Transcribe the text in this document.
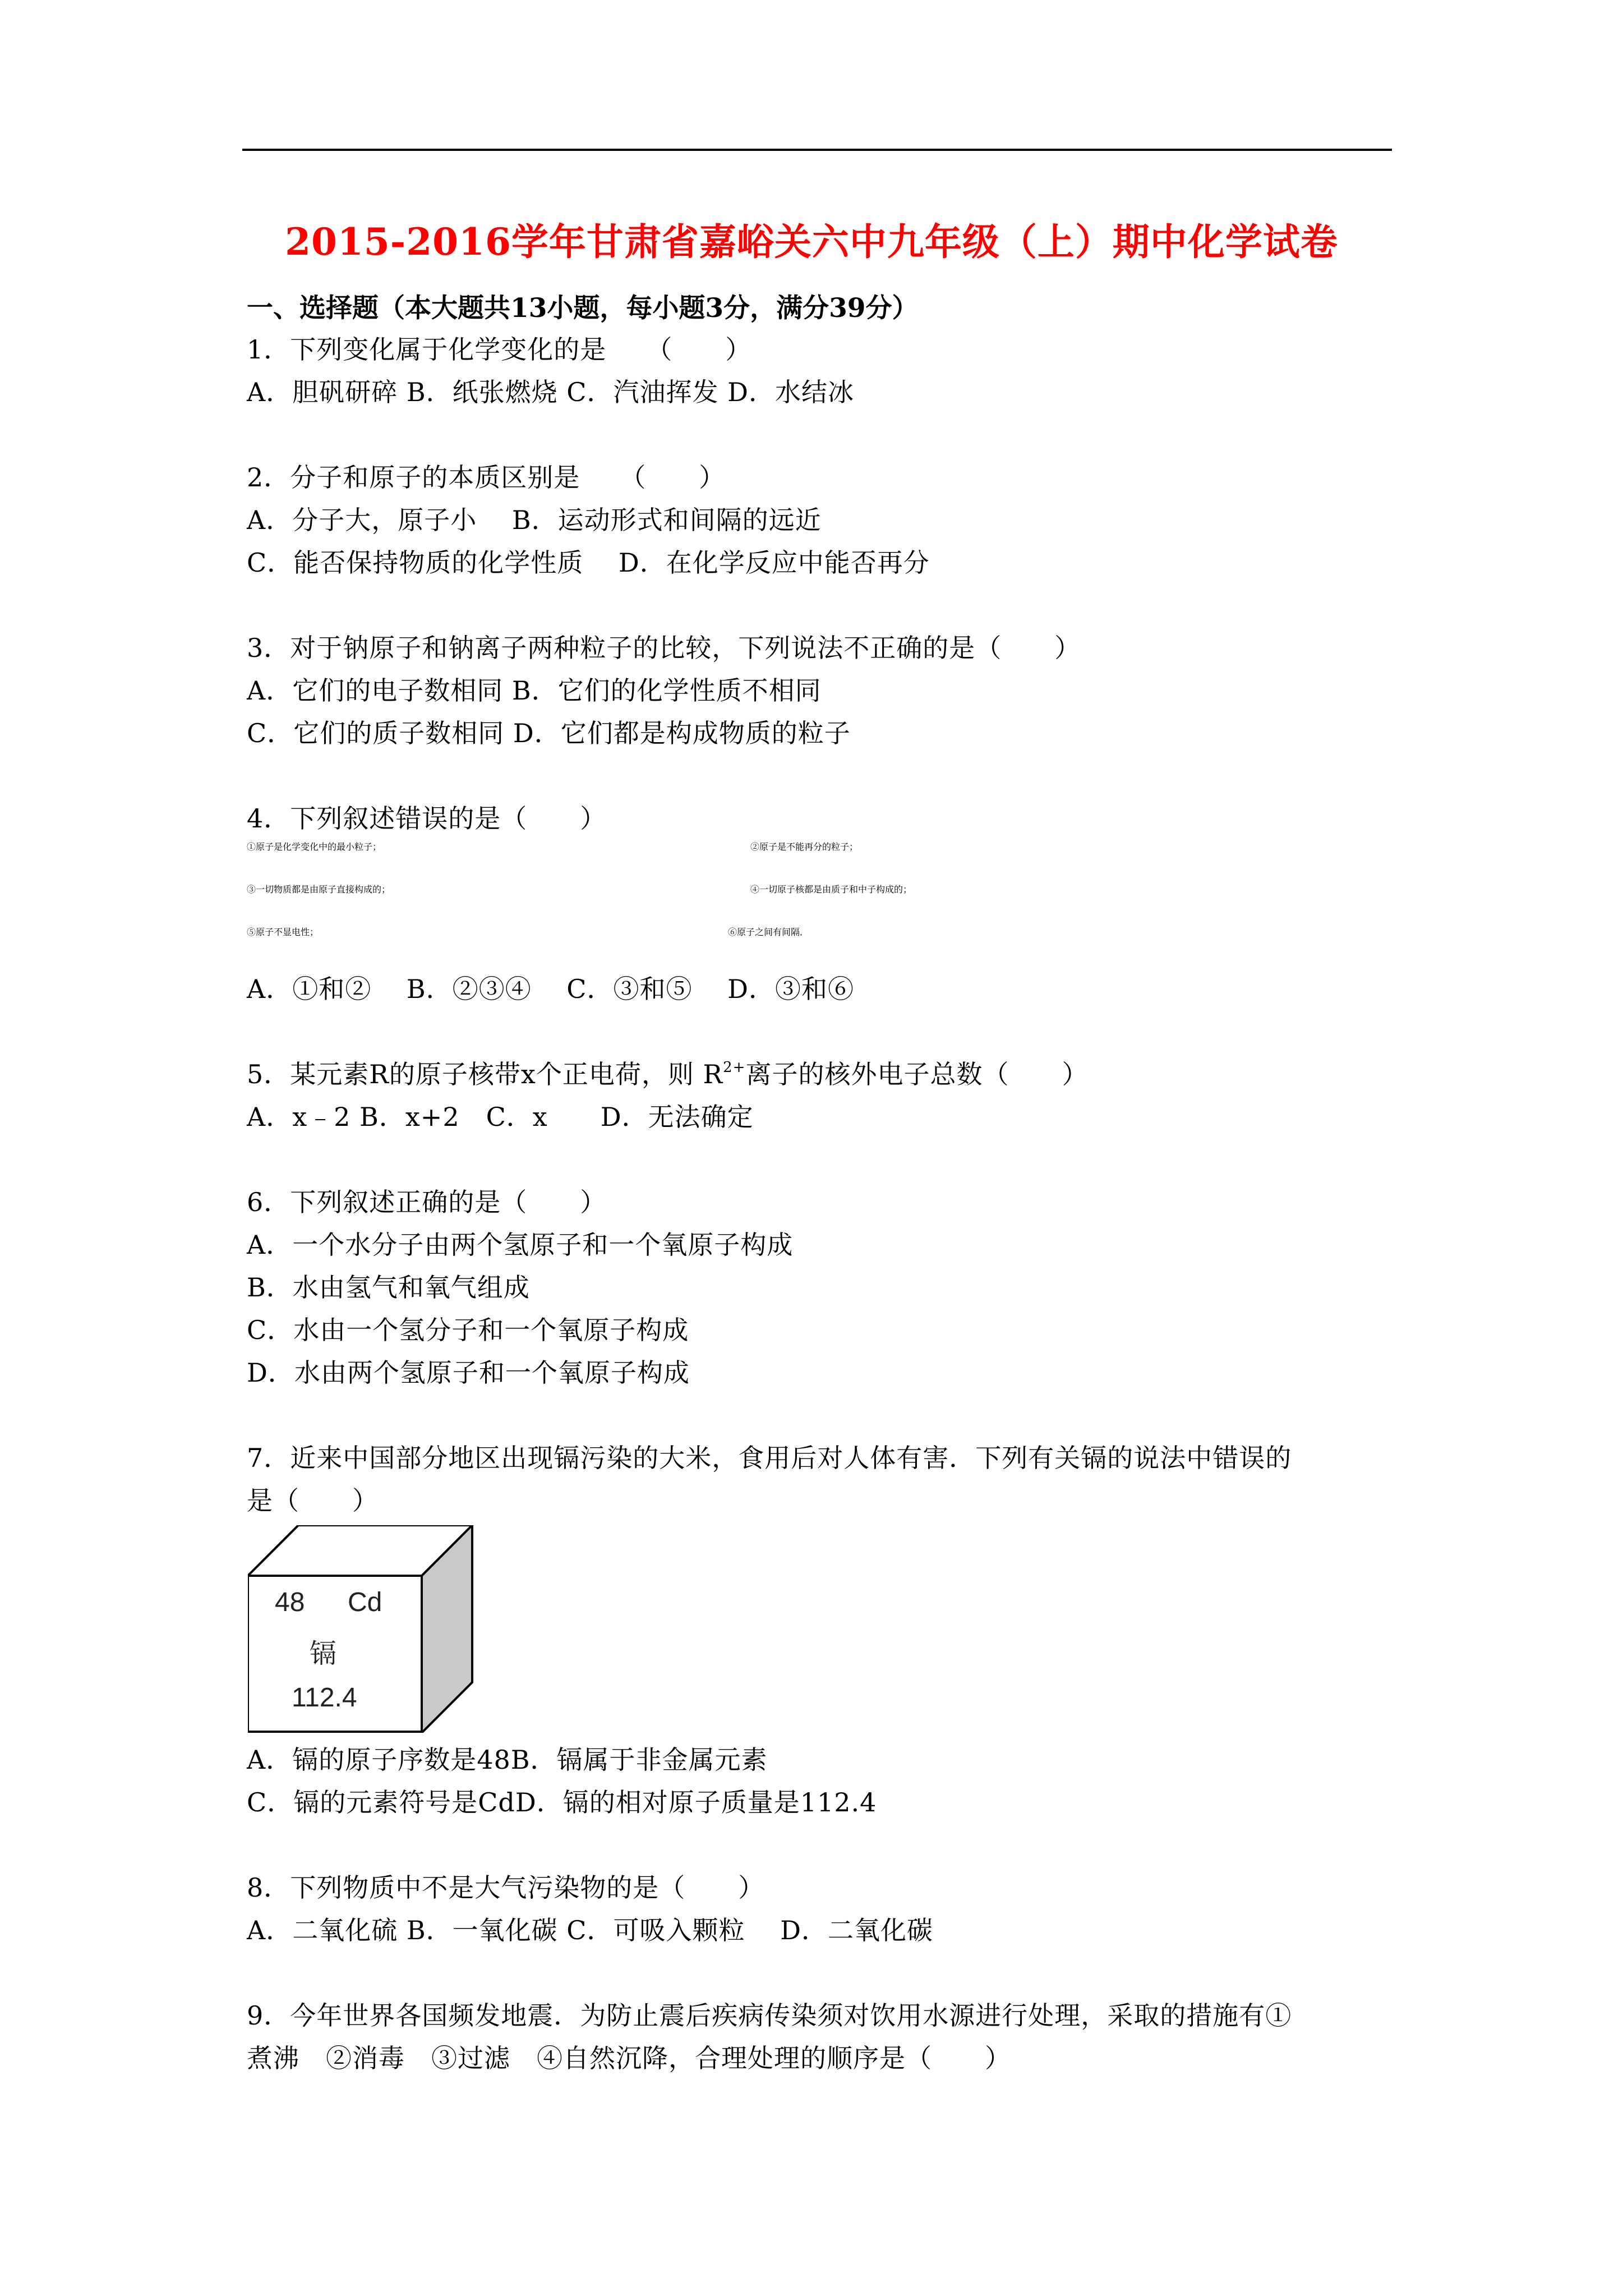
2015-2016学年甘肃省嘉峪关六中九年级（上）期中化学试卷
一、选择题（本大题共13小题，每小题3分，满分39分）

1．下列变化属于化学变化的是　　（　　）

A．胆矾研碎 B．纸张燃烧 C．汽油挥发 D．水结冰

2．分子和原子的本质区别是　　（　　）

A．分子大，原子小　 B．运动形式和间隔的远近

C．能否保持物质的化学性质　 D．在化学反应中能否再分

3．对于钠原子和钠离子两种粒子的比较，下列说法不正确的是（　　）

A．它们的电子数相同 B．它们的化学性质不相同

C．它们的质子数相同 D．它们都是构成物质的粒子

4．下列叙述错误的是（　　）

①原子是化学变化中的最小粒子；	②原子是不能再分的粒子；
③一切物质都是由原子直接构成的；	④一切原子核都是由质子和中子构成的；
⑤原子不显电性；	⑥原子之间有间隔．

A．①和②　 B．②③④　 C．③和⑤　 D．③和⑥

5．某元素R的原子核带x个正电荷，则 $R^{2+}$离子的核外电子总数（　　）

A．x﹣2 B．x+2　C．x　　D．无法确定

6．下列叙述正确的是（　　）

A．一个水分子由两个氢原子和一个氧原子构成

B．水由氢气和氧气组成

C．水由一个氢分子和一个氧原子构成

D．水由两个氢原子和一个氧原子构成

7．近来中国部分地区出现镉污染的大米，食用后对人体有害．下列有关镉的说法中错误的

是（　　）

48 Cd
镉
112.4

A．镉的原子序数是48B．镉属于非金属元素

C．镉的元素符号是CdD．镉的相对原子质量是112.4

8．下列物质中不是大气污染物的是（　　）

A．二氧化硫 B．一氧化碳 C．可吸入颗粒　 D．二氧化碳

9．今年世界各国频发地震．为防止震后疾病传染须对饮用水源进行处理，采取的措施有①

煮沸　②消毒　③过滤　④自然沉降，合理处理的顺序是（　　）
